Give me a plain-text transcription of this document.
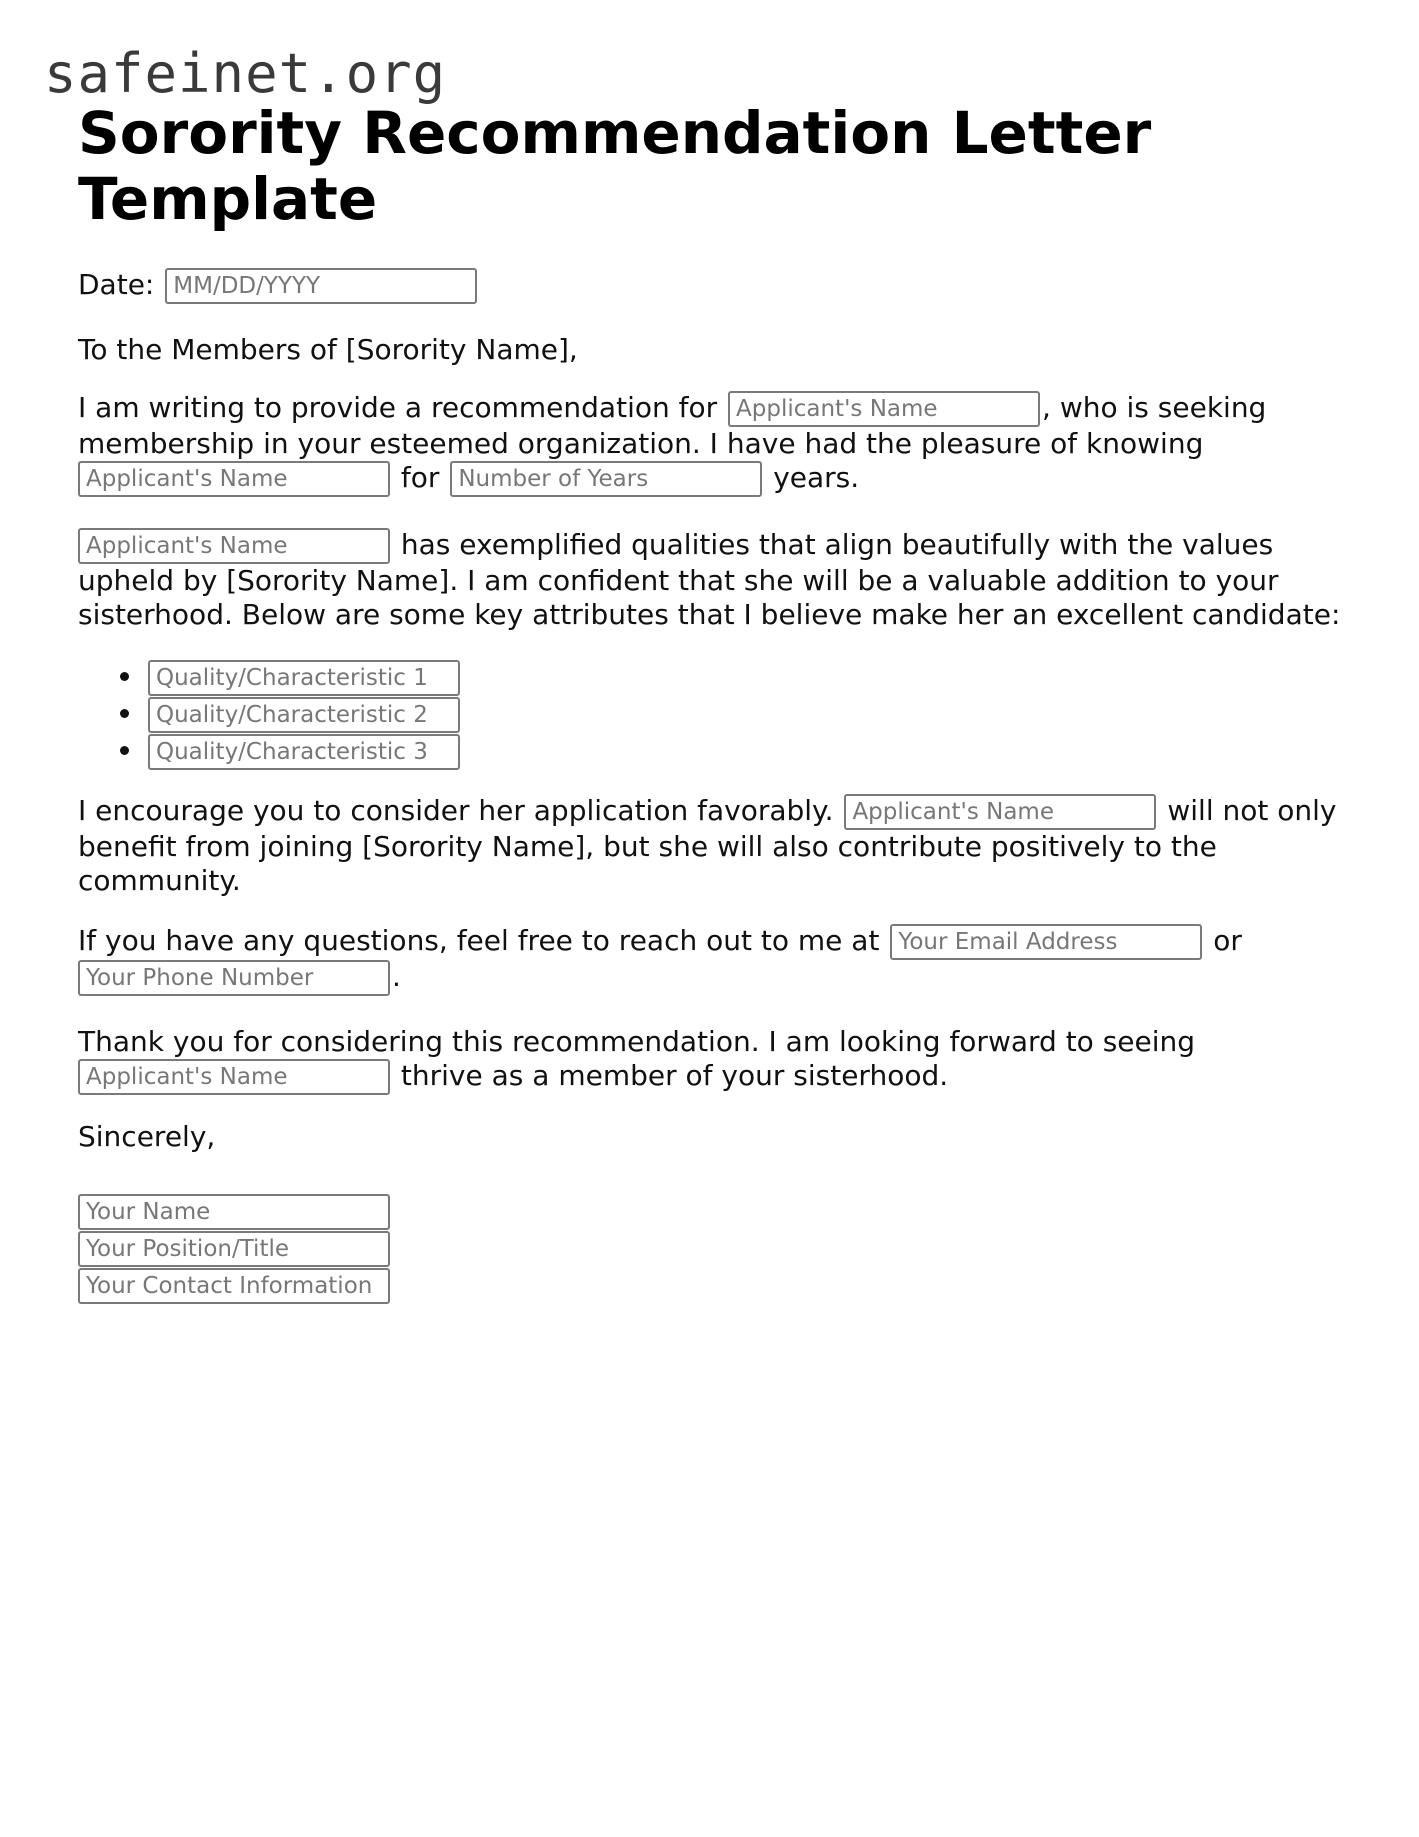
safeinet.org
Sorority Recommendation Letter Template
Date: MM/DD/YYYY
To the Members of [Sorority Name],
I am writing to provide a recommendation for Applicant's Name	, who is seeking membership in your esteemed organization. I have had the pleasure of knowing Applicant's Name	for Number of Years	years.
Applicant's Name	has exemplified qualities that align beautifully with the values upheld by [Sorority Name]. I am confident that she will be a valuable addition to your sisterhood. Below are some key attributes that I believe make her an excellent candidate:
Quality/Characteristic 1
Quality/Characteristic 2
Quality/Characteristic 3
I encourage you to consider her application favorably. Applicant's Name	will not only benefit from joining [Sorority Name], but she will also contribute positively to the community.
If you have any questions, feel free to reach out to me at Your Email Address	or Your Phone Number	.
Thank you for considering this recommendation. I am looking forward to seeing Applicant's Name	thrive as a member of your sisterhood.
Sincerely,
Your Name
Your Position/Title
Your Contact Information
